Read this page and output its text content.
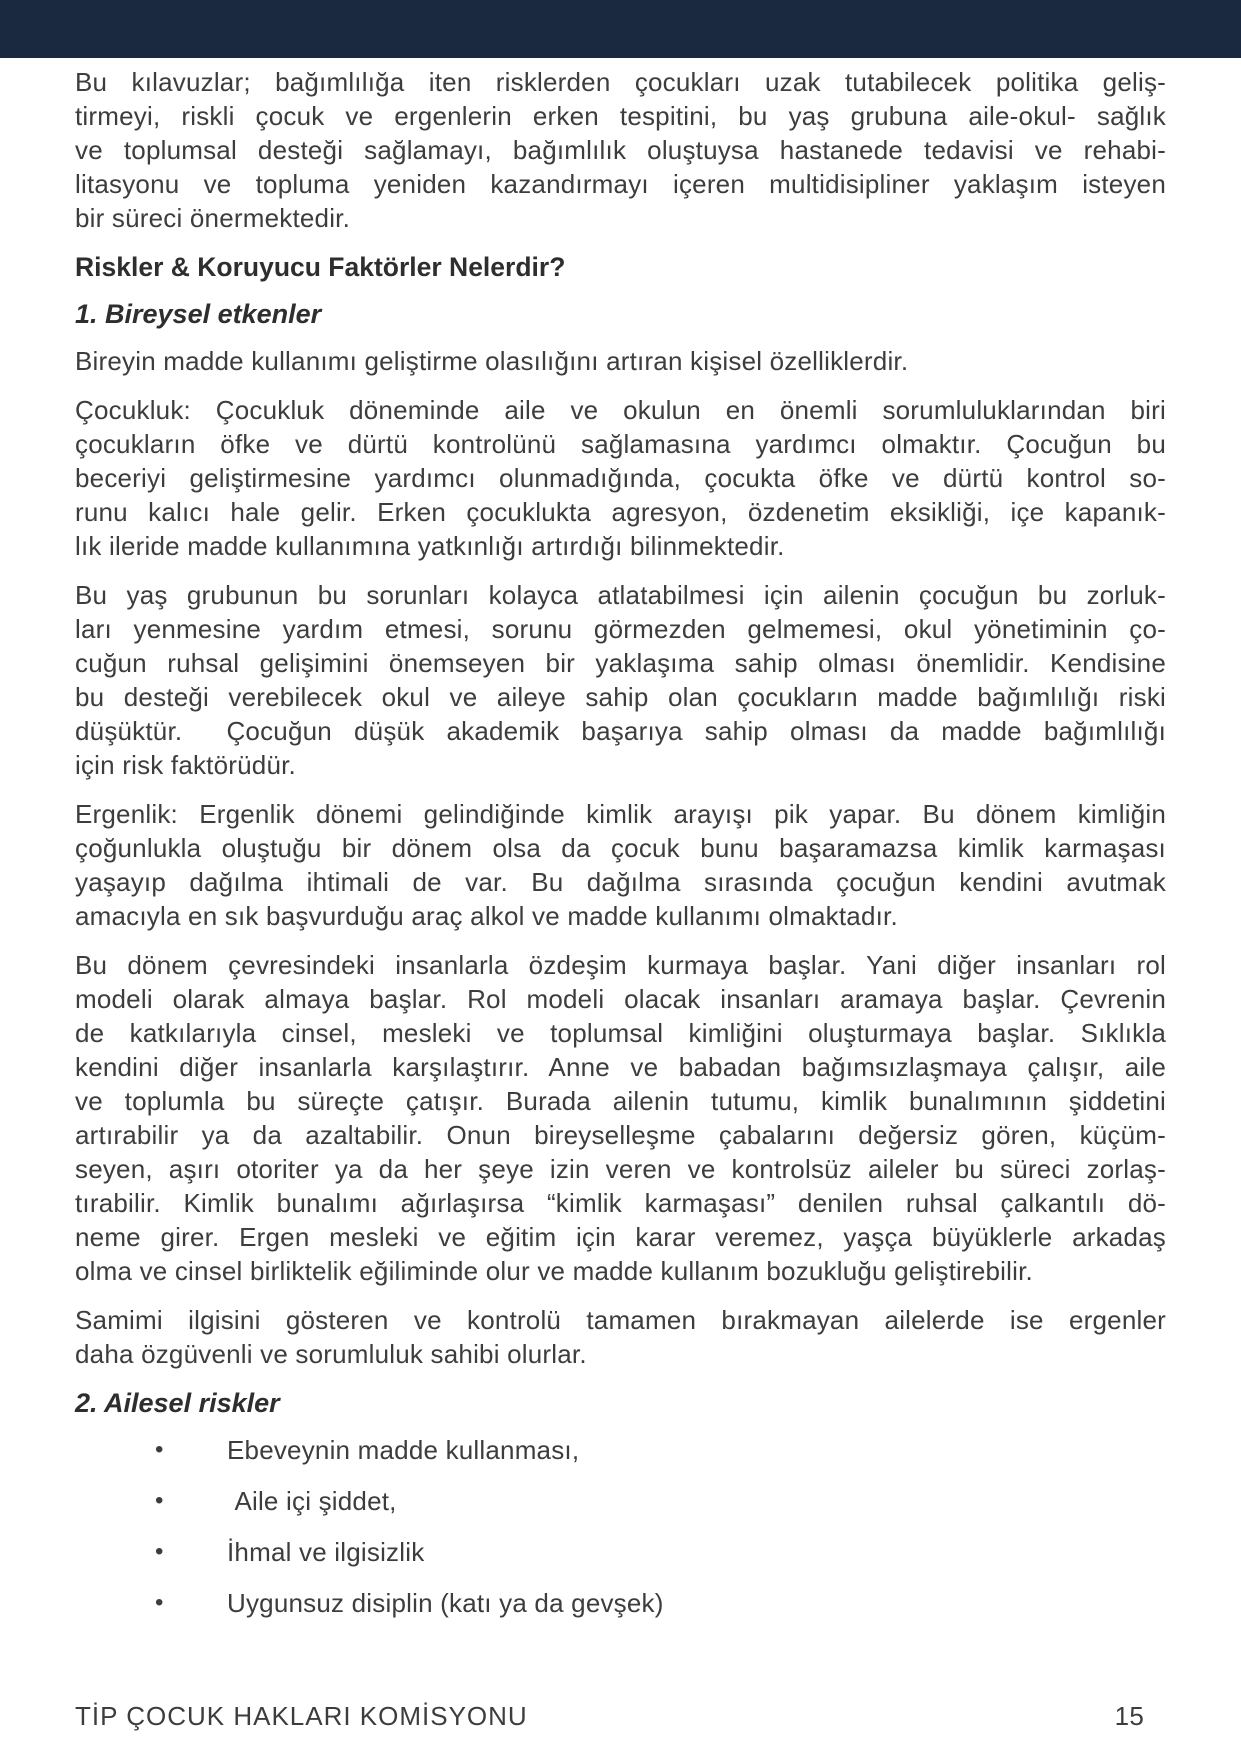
Bu kılavuzlar; bağımlılığa iten risklerden çocukları uzak tutabilecek politika geliş-
tirmeyi, riskli çocuk ve ergenlerin erken tespitini, bu yaş grubuna aile-okul- sağlık
ve toplumsal desteği sağlamayı, bağımlılık oluştuysa hastanede tedavisi ve rehabi-
litasyonu ve topluma yeniden kazandırmayı içeren multidisipliner yaklaşım isteyen
bir süreci önermektedir.
Riskler & Koruyucu Faktörler Nelerdir?
1. Bireysel etkenler
Bireyin madde kullanımı geliştirme olasılığını artıran kişisel özelliklerdir.
Çocukluk: Çocukluk döneminde aile ve okulun en önemli sorumluluklarından biri
çocukların öfke ve dürtü kontrolünü sağlamasına yardımcı olmaktır. Çocuğun bu
beceriyi geliştirmesine yardımcı olunmadığında, çocukta öfke ve dürtü kontrol so-
runu kalıcı hale gelir. Erken çocuklukta agresyon, özdenetim eksikliği, içe kapanık-
lık ileride madde kullanımına yatkınlığı artırdığı bilinmektedir.
Bu yaş grubunun bu sorunları kolayca atlatabilmesi için ailenin çocuğun bu zorluk-
ları yenmesine yardım etmesi, sorunu görmezden gelmemesi, okul yönetiminin ço-
cuğun ruhsal gelişimini önemseyen bir yaklaşıma sahip olması önemlidir. Kendisine
bu desteği verebilecek okul ve aileye sahip olan çocukların madde bağımlılığı riski
düşüktür.  Çocuğun düşük akademik başarıya sahip olması da madde bağımlılığı
için risk faktörüdür.
Ergenlik: Ergenlik dönemi gelindiğinde kimlik arayışı pik yapar. Bu dönem kimliğin
çoğunlukla oluştuğu bir dönem olsa da çocuk bunu başaramazsa kimlik karmaşası
yaşayıp dağılma ihtimali de var. Bu dağılma sırasında çocuğun kendini avutmak
amacıyla en sık başvurduğu araç alkol ve madde kullanımı olmaktadır.
Bu dönem çevresindeki insanlarla özdeşim kurmaya başlar. Yani diğer insanları rol
modeli olarak almaya başlar. Rol modeli olacak insanları aramaya başlar. Çevrenin
de katkılarıyla cinsel, mesleki ve toplumsal kimliğini oluşturmaya başlar. Sıklıkla
kendini diğer insanlarla karşılaştırır. Anne ve babadan bağımsızlaşmaya çalışır, aile
ve toplumla bu süreçte çatışır. Burada ailenin tutumu, kimlik bunalımının şiddetini
artırabilir ya da azaltabilir. Onun bireyselleşme çabalarını değersiz gören, küçüm-
seyen, aşırı otoriter ya da her şeye izin veren ve kontrolsüz aileler bu süreci zorlaş-
tırabilir. Kimlik bunalımı ağırlaşırsa “kimlik karmaşası” denilen ruhsal çalkantılı dö-
neme girer. Ergen mesleki ve eğitim için karar veremez, yaşça büyüklerle arkadaş
olma ve cinsel birliktelik eğiliminde olur ve madde kullanım bozukluğu geliştirebilir.
Samimi ilgisini gösteren ve kontrolü tamamen bırakmayan ailelerde ise ergenler
daha özgüvenli ve sorumluluk sahibi olurlar.
2. Ailesel riskler
•	Ebeveynin madde kullanması,
•	Aile içi şiddet,
•	İhmal ve ilgisizlik
•	Uygunsuz disiplin (katı ya da gevşek)
TİP ÇOCUK HAKLARI KOMİSYONU	15
